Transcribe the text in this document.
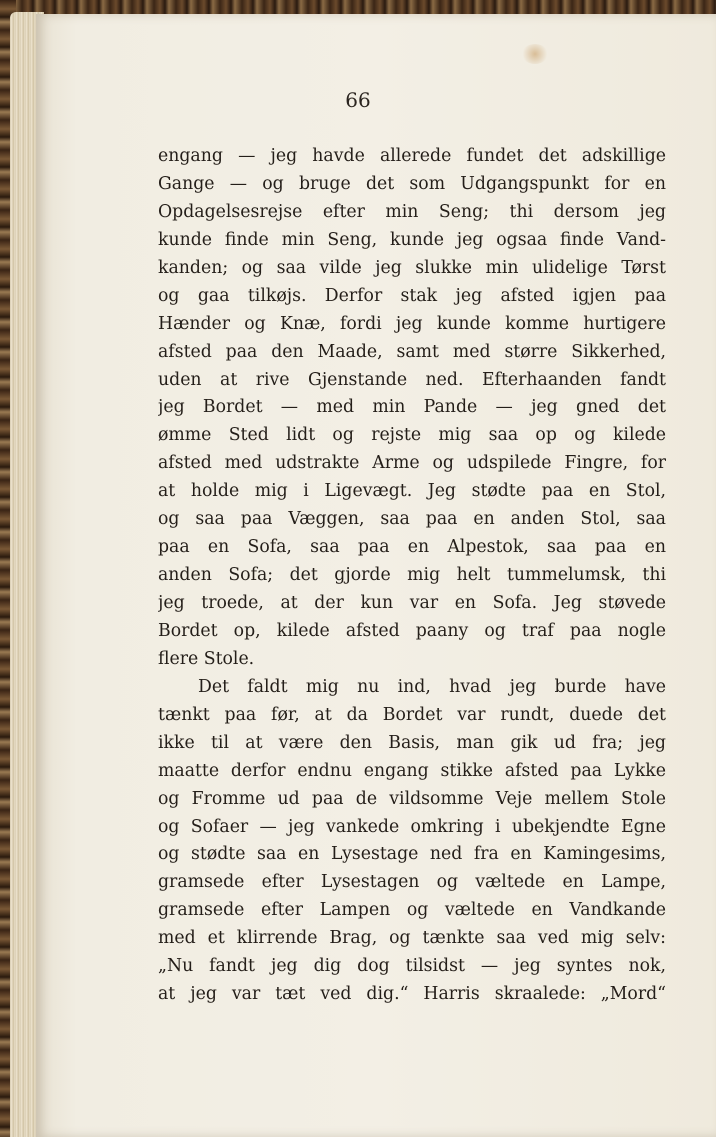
66

engang — jeg havde allerede fundet det adskillige
Gange — og bruge det som Udgangspunkt for en
Opdagelsesrejse efter min Seng; thi dersom jeg
kunde finde min Seng, kunde jeg ogsaa finde Vand-
kanden; og saa vilde jeg slukke min ulidelige Tørst
og gaa tilkøjs. Derfor stak jeg afsted igjen paa
Hænder og Knæ, fordi jeg kunde komme hurtigere
afsted paa den Maade, samt med større Sikkerhed,
uden at rive Gjenstande ned. Efterhaanden fandt
jeg Bordet — med min Pande — jeg gned det
ømme Sted lidt og rejste mig saa op og kilede
afsted med udstrakte Arme og udspilede Fingre, for
at holde mig i Ligevægt. Jeg stødte paa en Stol,
og saa paa Væggen, saa paa en anden Stol, saa
paa en Sofa, saa paa en Alpestok, saa paa en
anden Sofa; det gjorde mig helt tummelumsk, thi
jeg troede, at der kun var en Sofa. Jeg støvede
Bordet op, kilede afsted paany og traf paa nogle
flere Stole.
Det faldt mig nu ind, hvad jeg burde have
tænkt paa før, at da Bordet var rundt, duede det
ikke til at være den Basis, man gik ud fra; jeg
maatte derfor endnu engang stikke afsted paa Lykke
og Fromme ud paa de vildsomme Veje mellem Stole
og Sofaer — jeg vankede omkring i ubekjendte Egne
og stødte saa en Lysestage ned fra en Kamingesims,
gramsede efter Lysestagen og væltede en Lampe,
gramsede efter Lampen og væltede en Vandkande
med et klirrende Brag, og tænkte saa ved mig selv:
„Nu fandt jeg dig dog tilsidst — jeg syntes nok,
at jeg var tæt ved dig.“ Harris skraalede: „Mord“
